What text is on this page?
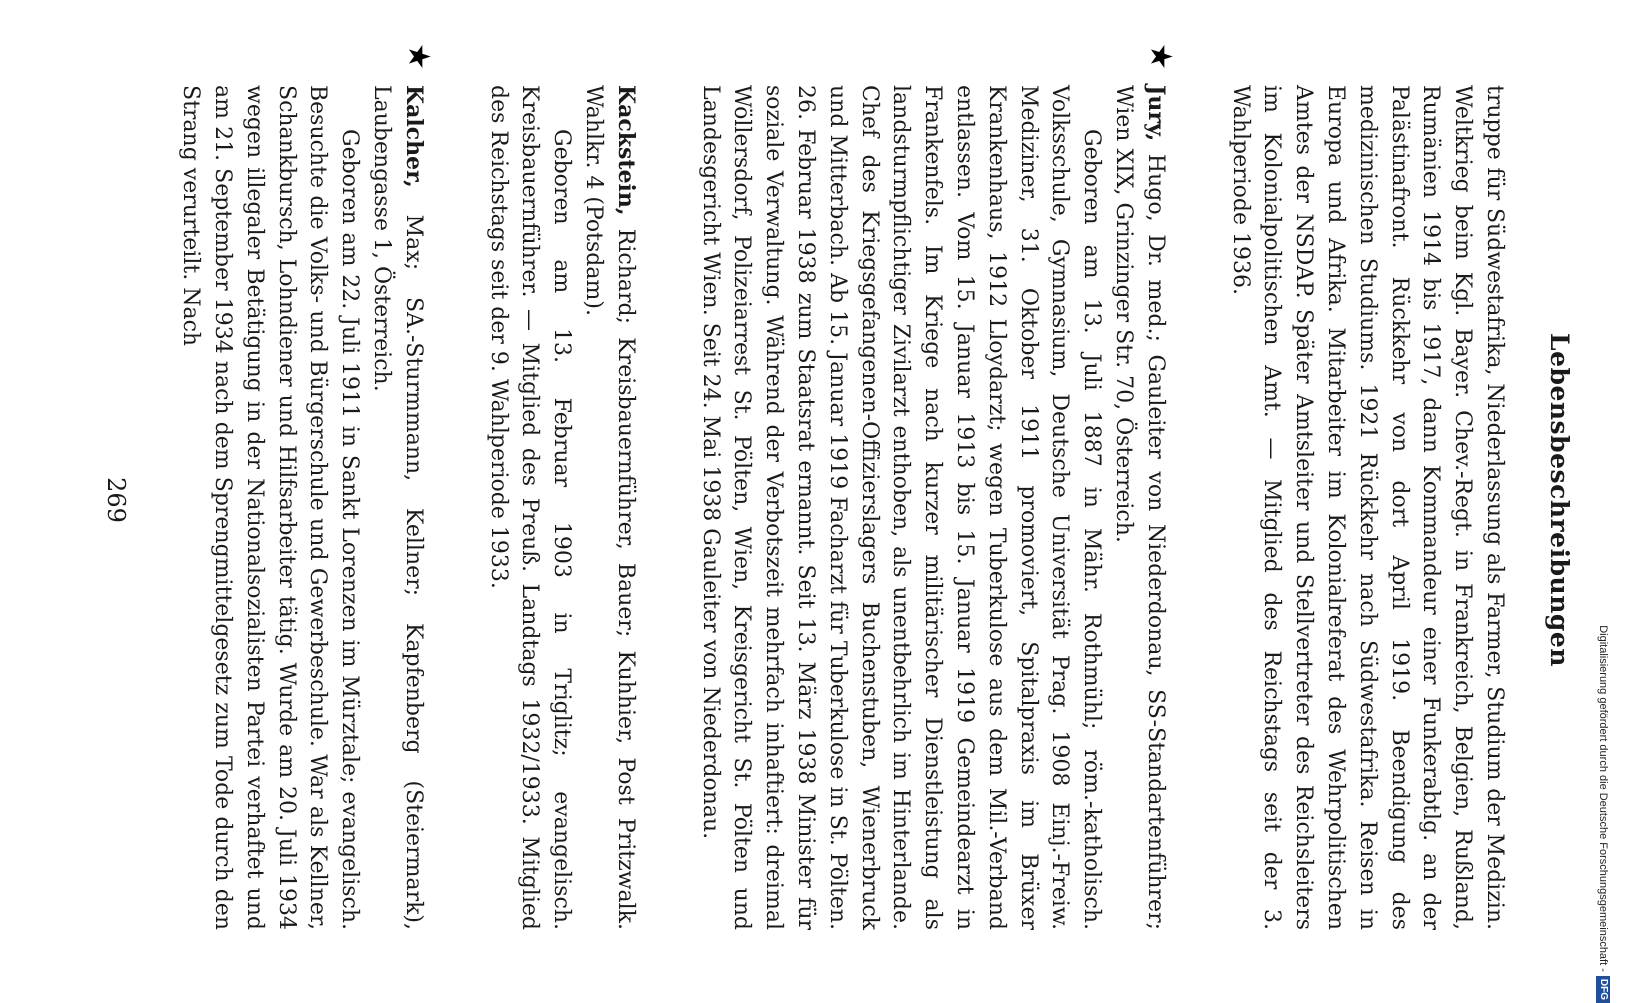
Lebensbeschreibungen

truppe für Südwestafrika, Niederlassung als Farmer, Studium der Medizin. Weltkrieg beim Kgl. Bayer. Chev.-Regt. in Frankreich, Belgien, Rußland, Rumänien 1914 bis 1917, dann Kommandeur einer Funkerabtlg. an der Palästinafront. Rückkehr von dort April 1919. Beendigung des medizinischen Studiums. 1921 Rückkehr nach Südwestafrika. Reisen in Europa und Afrika. Mitarbeiter im Kolonialreferat des Wehrpolitischen Amtes der NSDAP. Später Amtsleiter und Stellvertreter des Reichsleiters im Kolonialpolitischen Amt. — Mitglied des Reichstags seit der 3. Wahlperiode 1936.

★

Jury, Hugo, Dr. med.; Gauleiter von Niederdonau, SS-Standartenführer; Wien XIX, Grinzinger Str. 70, Österreich.

Geboren am 13. Juli 1887 in Mähr. Rothmühl; röm.-katholisch. Volksschule, Gymnasium, Deutsche Universität Prag. 1908 Einj.-Freiw. Mediziner, 31. Oktober 1911 promoviert, Spitalpraxis im Brüxer Krankenhaus, 1912 Lloydarzt; wegen Tuberkulose aus dem Mil.-Verband entlassen. Vom 15. Januar 1913 bis 15. Januar 1919 Gemeindearzt in Frankenfels. Im Kriege nach kurzer militärischer Dienstleistung als landsturmpflichtiger Zivilarzt enthoben, als unentbehrlich im Hinterlande. Chef des Kriegsgefangenen-Offizierslagers Buchenstuben, Wienerbruck und Mitterbach. Ab 15. Januar 1919 Facharzt für Tuberkulose in St. Pölten. 26. Februar 1938 zum Staatsrat ernannt. Seit 13. März 1938 Minister für soziale Verwaltung. Während der Verbotszeit mehrfach inhaftiert: dreimal Wöllersdorf, Polizeiarrest St. Pölten, Wien, Kreisgericht St. Pölten und Landesgericht Wien. Seit 24. Mai 1938 Gauleiter von Niederdonau.

Kackstein, Richard; Kreisbauernführer, Bauer; Kuhhier, Post Pritzwalk. Wahlkr. 4 (Potsdam).

Geboren am 13. Februar 1903 in Triglitz; evangelisch. Kreisbauernführer. — Mitglied des Preuß. Landtags 1932/1933. Mitglied des Reichstags seit der 9. Wahlperiode 1933.

★

Kalcher, Max; SA.-Sturmmann, Kellner; Kapfenberg (Steiermark), Laubengasse 1, Österreich.

Geboren am 22. Juli 1911 in Sankt Lorenzen im Mürztale; evangelisch. Besuchte die Volks- und Bürgerschule und Gewerbeschule. War als Kellner, Schankbursch, Lohndiener und Hilfsarbeiter tätig. Wurde am 20. Juli 1934 wegen illegaler Betätigung in der Nationalsozialisten Partei verhaftet und am 21. September 1934 nach dem Sprengmittelgesetz zum Tode durch den Strang verurteilt. Nach

269
Digitalisierung gefördert durch die Deutsche Forschungsgemeinschaft -DFG
